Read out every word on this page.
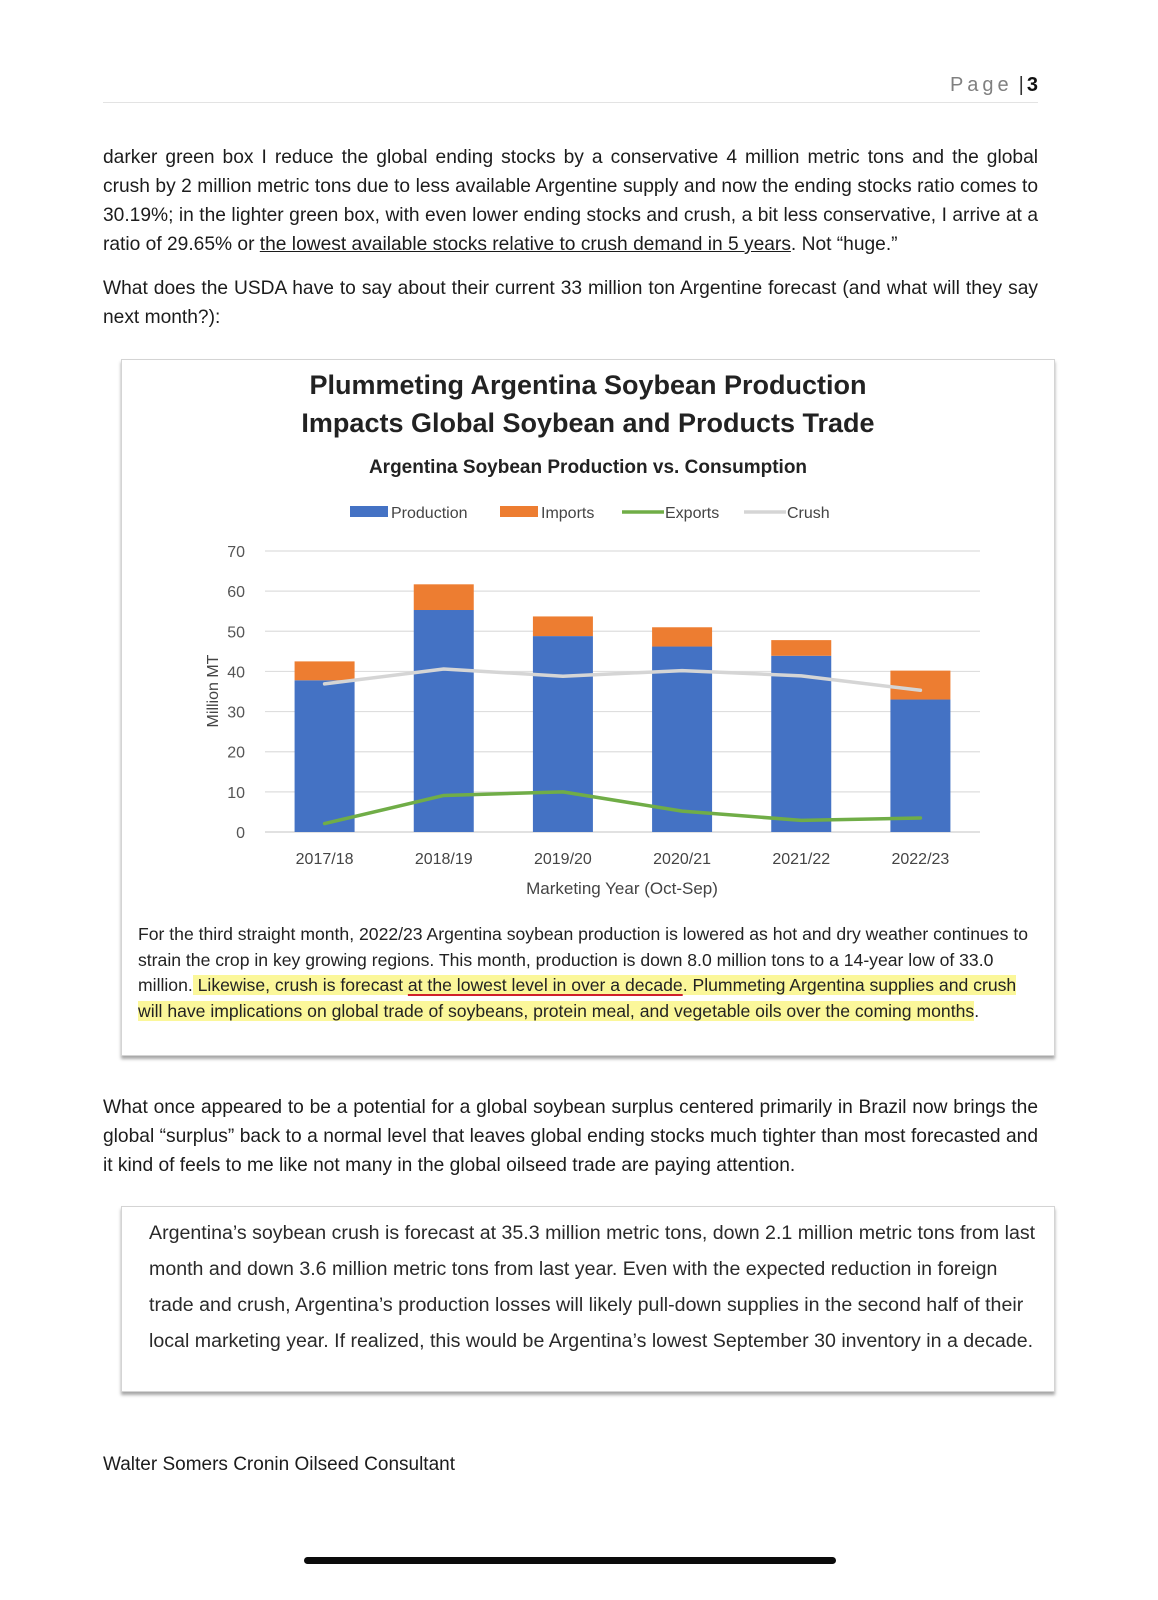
Page | 3

darker green box I reduce the global ending stocks by a conservative 4 million metric tons and the global crush by 2 million metric tons due to less available Argentine supply and now the ending stocks ratio comes to 30.19%; in the lighter green box, with even lower ending stocks and crush, a bit less conservative, I arrive at a ratio of 29.65% or the lowest available stocks relative to crush demand in 5 years. Not “huge.”

What does the USDA have to say about their current 33 million ton Argentine forecast (and what will they say next month?):

Plummeting Argentina Soybean Production
Impacts Global Soybean and Products Trade
Argentina Soybean Production vs. Consumption
Production	Imports	Exports	Crush
0
10
20
30
40
50
60
70
2017/18	2018/19	2019/20	2020/21	2021/22	2022/23
Million MT
Marketing Year (Oct-Sep)

For the third straight month, 2022/23 Argentina soybean production is lowered as hot and dry weather continues to strain the crop in key growing regions. This month, production is down 8.0 million tons to a 14-year low of 33.0 million. Likewise, crush is forecast at the lowest level in over a decade. Plummeting Argentina supplies and crush will have implications on global trade of soybeans, protein meal, and vegetable oils over the coming months.

What once appeared to be a potential for a global soybean surplus centered primarily in Brazil now brings the global “surplus” back to a normal level that leaves global ending stocks much tighter than most forecasted and it kind of feels to me like not many in the global oilseed trade are paying attention.

Argentina’s soybean crush is forecast at 35.3 million metric tons, down 2.1 million metric tons from last month and down 3.6 million metric tons from last year. Even with the expected reduction in foreign trade and crush, Argentina’s production losses will likely pull-down supplies in the second half of their local marketing year. If realized, this would be Argentina’s lowest September 30 inventory in a decade.

Walter Somers Cronin Oilseed Consultant
